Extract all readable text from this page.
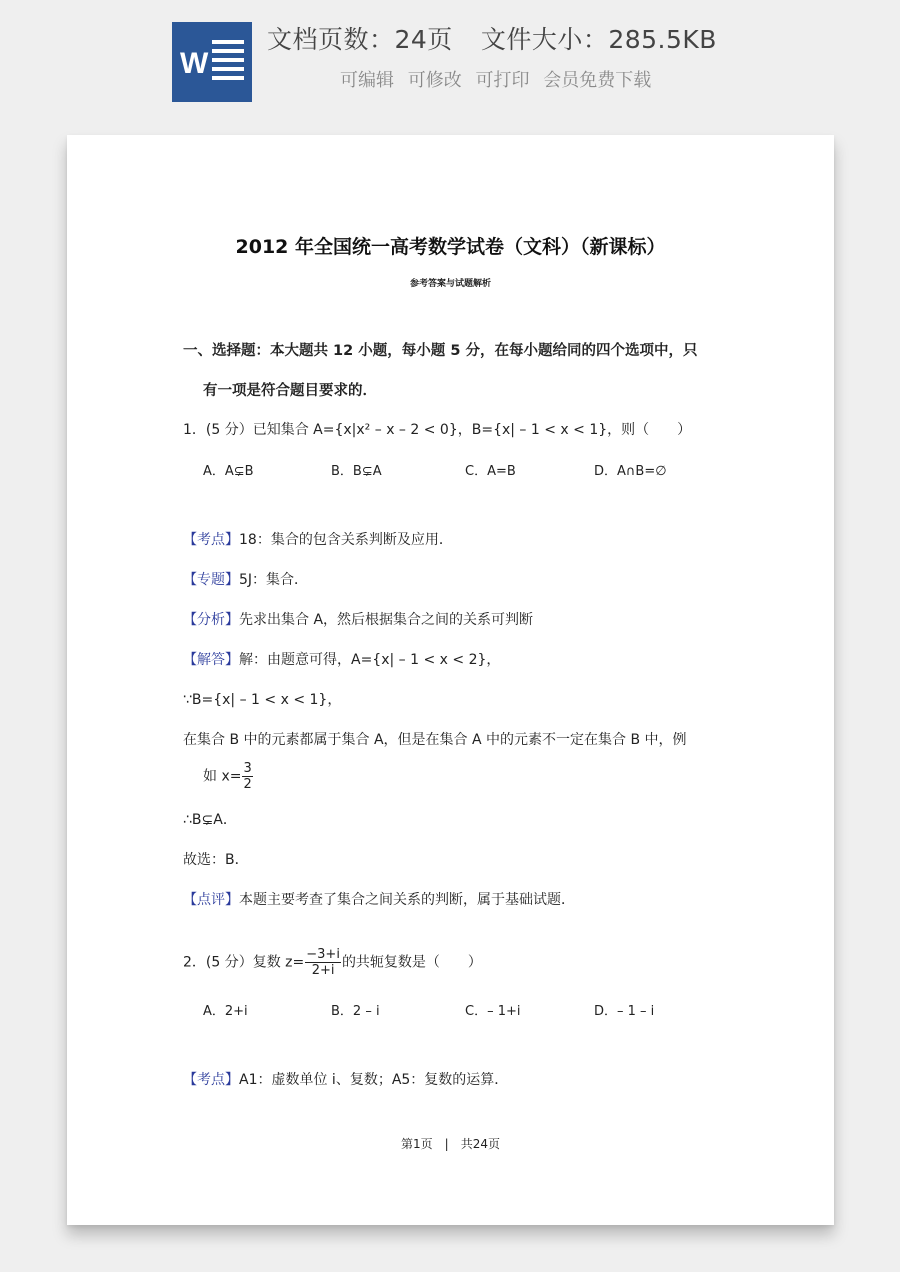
W
文档页数：24页 文件大小：285.5KB
可编辑 可修改 可打印 会员免费下载
2012 年全国统一高考数学试卷（文科）（新课标）
参考答案与试题解析
一、选择题：本大题共 12 小题，每小题 5 分，在每小题给同的四个选项中，只
有一项是符合题目要求的．
1．(5 分）已知集合 A={x|x² – x – 2 < 0}，B={x| – 1 < x < 1}，则（　　）
A．A⊊B	B．B⊊A	C．A=B	D．A∩B=∅
【考点】18：集合的包含关系判断及应用．
【专题】5J：集合．
【分析】先求出集合 A，然后根据集合之间的关系可判断
【解答】解：由题意可得，A={x| – 1 < x < 2}，
∵B={x| – 1 < x < 1}，
在集合 B 中的元素都属于集合 A，但是在集合 A 中的元素不一定在集合 B 中，例
如 $x= \frac{3}{2}$
∴B⊊A．
故选：B．
【点评】本题主要考查了集合之间关系的判断，属于基础试题．
2．(5 分）复数 $z= \frac{-3+i}{2+i}$ 的共轭复数是（　　）
A．2+i	B．2 – i	C．– 1+i	D．– 1 – i
【考点】A1：虚数单位 i、复数；A5：复数的运算．
第1页　|　共24页
